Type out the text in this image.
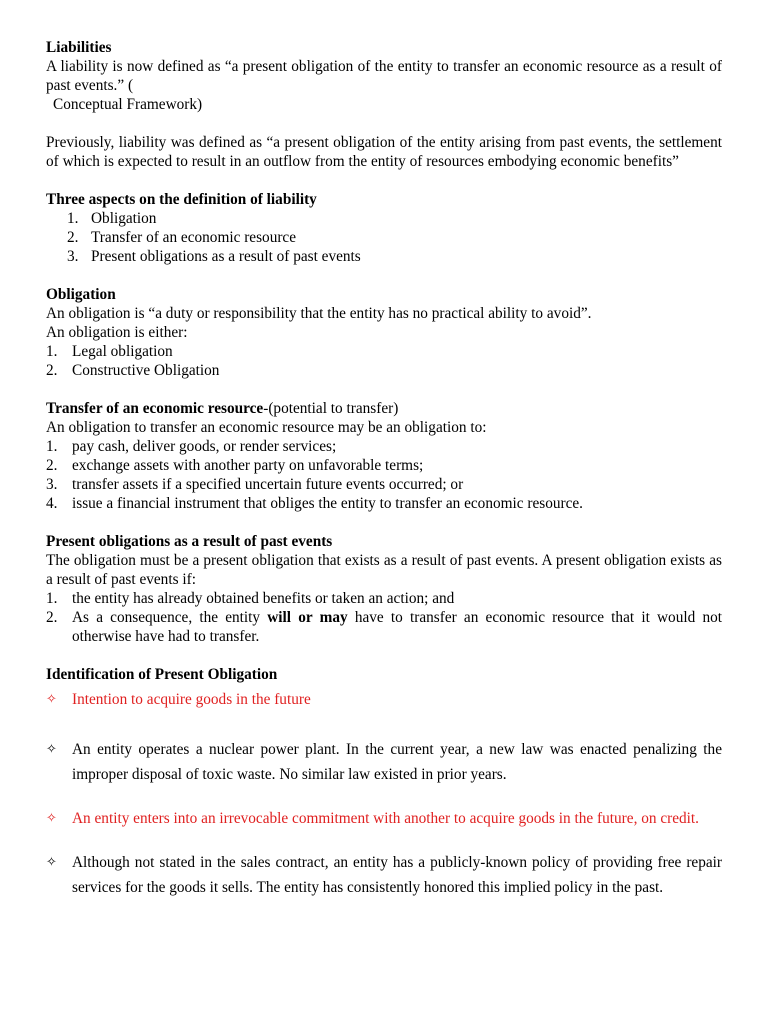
Liabilities

A liability is now defined as “a present obligation of the entity to transfer an economic resource as a result of past events.” (

Conceptual Framework)

Previously, liability was defined as “a present obligation of the entity arising from past events, the settlement of which is expected to result in an outflow from the entity of resources embodying economic benefits”

Three aspects on the definition of liability

1. Obligation
2. Transfer of an economic resource
3. Present obligations as a result of past events

Obligation

An obligation is “a duty or responsibility that the entity has no practical ability to avoid”.

An obligation is either:

1. Legal obligation
2. Constructive Obligation

Transfer of an economic resource-(potential to transfer)

An obligation to transfer an economic resource may be an obligation to:

1. pay cash, deliver goods, or render services;
2. exchange assets with another party on unfavorable terms;
3. transfer assets if a specified uncertain future events occurred; or
4. issue a financial instrument that obliges the entity to transfer an economic resource.

Present obligations as a result of past events

The obligation must be a present obligation that exists as a result of past events. A present obligation exists as a result of past events if:

1. the entity has already obtained benefits or taken an action; and
2. As a consequence, the entity will or may have to transfer an economic resource that it would not otherwise have had to transfer.

Identification of Present Obligation

✧ Intention to acquire goods in the future
✧ An entity operates a nuclear power plant. In the current year, a new law was enacted penalizing the improper disposal of toxic waste. No similar law existed in prior years.
✧ An entity enters into an irrevocable commitment with another to acquire goods in the future, on credit.
✧ Although not stated in the sales contract, an entity has a publicly-known policy of providing free repair services for the goods it sells. The entity has consistently honored this implied policy in the past.
